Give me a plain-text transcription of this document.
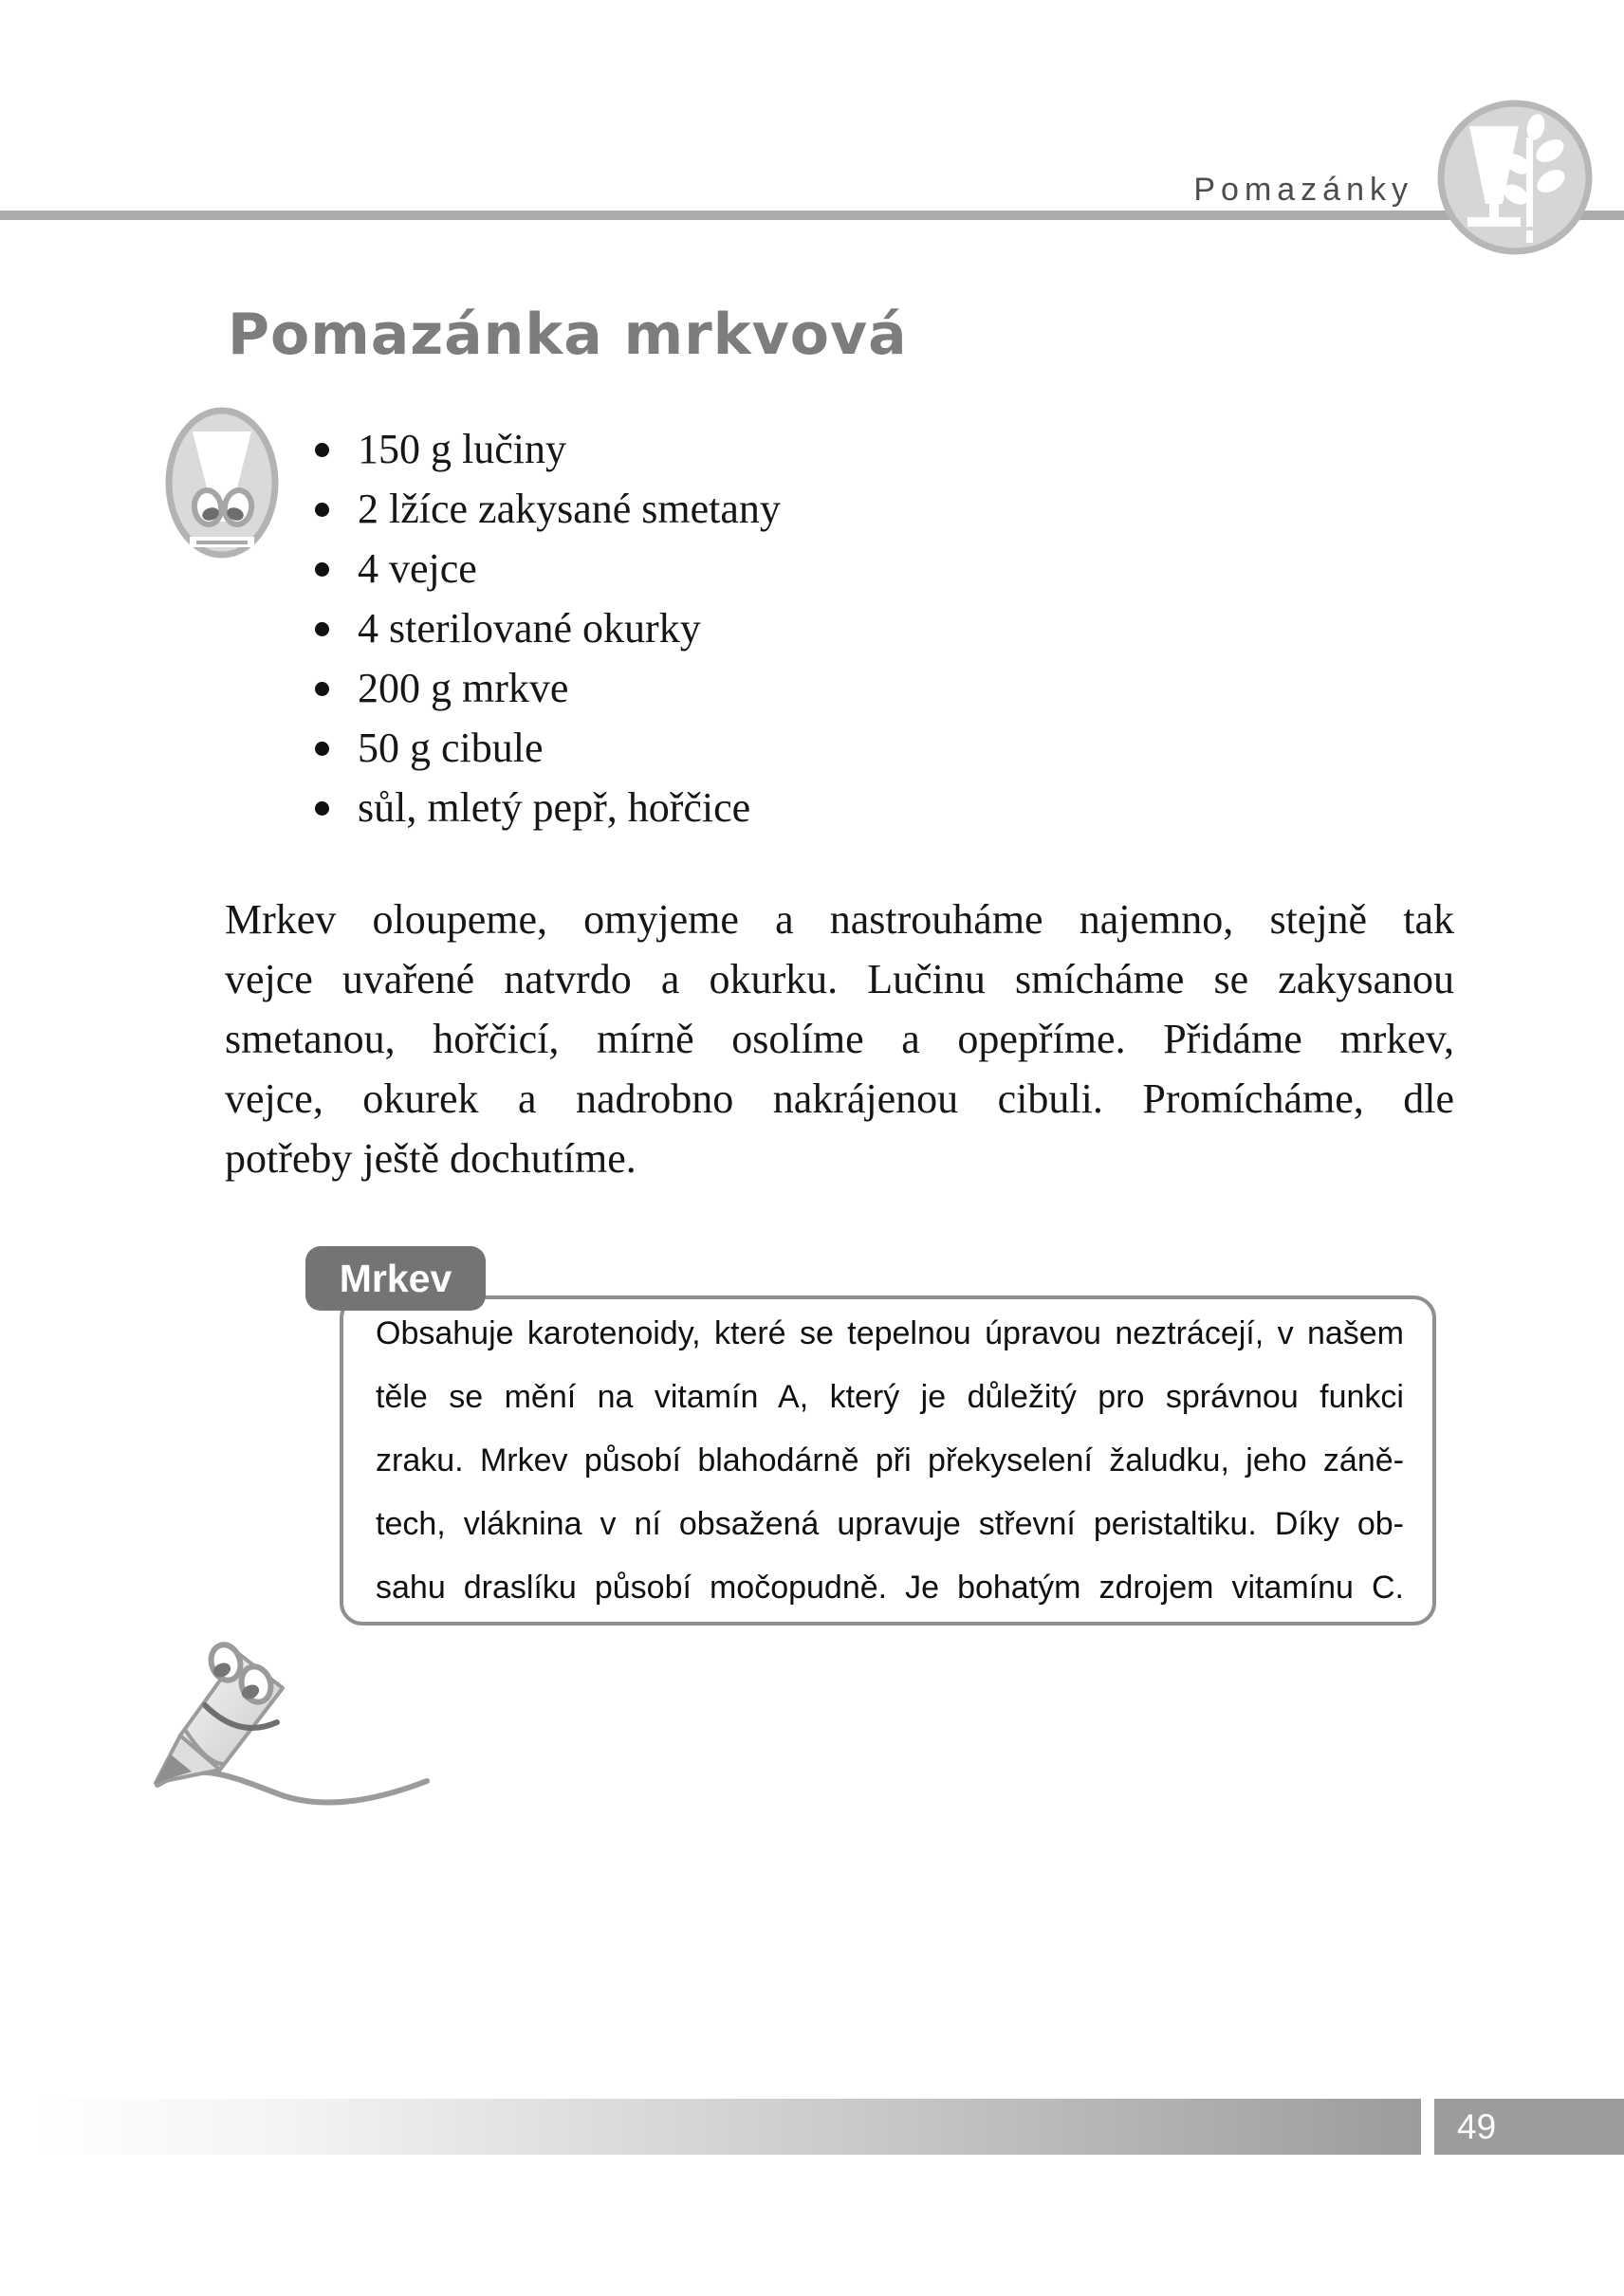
Pomazánky
Pomazánka mrkvová
150 g lučiny
2 lžíce zakysané smetany
4 vejce
4 sterilované okurky
200 g mrkve
50 g cibule
sůl, mletý pepř, hořčice
Mrkev oloupeme, omyjeme a nastrouháme najemno, stejně tak
vejce uvařené natvrdo a okurku. Lučinu smícháme se zakysanou
smetanou, hořčicí, mírně osolíme a opepříme. Přidáme mrkev,
vejce, okurek a nadrobno nakrájenou cibuli. Promícháme, dle
potřeby ještě dochutíme.
Mrkev
Obsahuje karotenoidy, které se tepelnou úpravou neztrácejí, v našem
těle se mění na vitamín A, který je důležitý pro správnou funkci
zraku. Mrkev působí blahodárně při překyselení žaludku, jeho záně-
tech, vláknina v ní obsažená upravuje střevní peristaltiku. Díky ob-
sahu draslíku působí močopudně. Je bohatým zdrojem vitamínu C.
49
